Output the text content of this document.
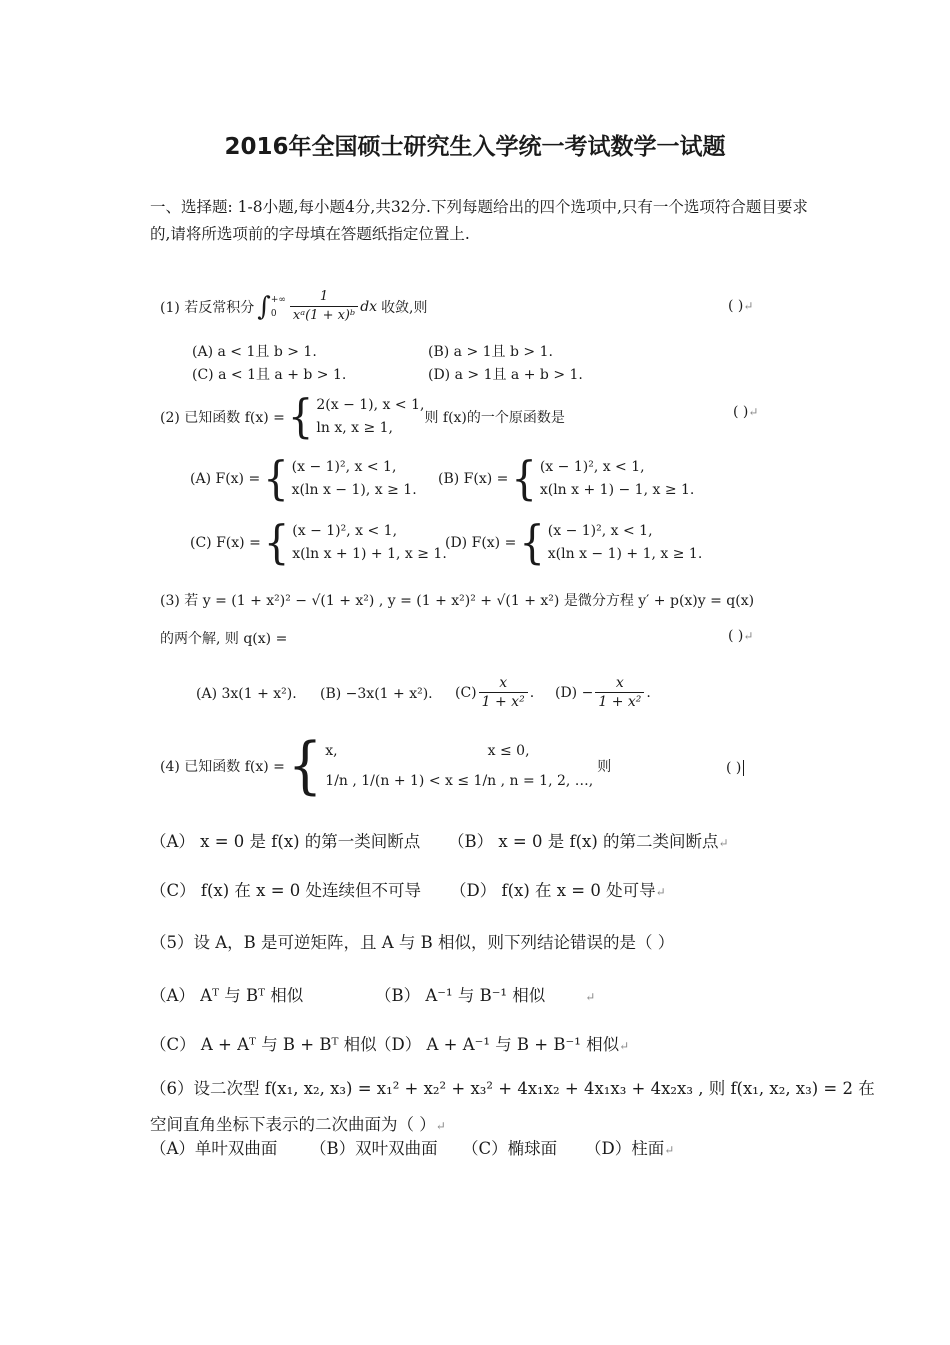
2016年全国硕士研究生入学统一考试数学一试题
一、选择题: 1-8小题,每小题4分,共32分.下列每题给出的四个选项中,只有一个选项符合题目要求的,请将所选项前的字母填在答题纸指定位置上.
(1) 若反常积分 ∫ +∞
0	$\frac{1}{\text{xᵃ(1 + x)ᵇ}}$ dx 收敛,则	( )↵
(A) a < 1且 b > 1.	(B) a > 1且 b > 1.
(C) a < 1且 a + b > 1.	(D) a > 1且 a + b > 1.
(2) 已知函数 f(x) = { 2(x − 1), x < 1,
ln x, x ≥ 1,
则 f(x)的一个原函数是	( )↵
(A) F(x) = { (x − 1)², x < 1,
x(ln x − 1), x ≥ 1.
(B) F(x) = { (x − 1)², x < 1,
x(ln x + 1) − 1, x ≥ 1.
(C) F(x) = { (x − 1)², x < 1,
x(ln x + 1) + 1, x ≥ 1.
(D) F(x) = { (x − 1)², x < 1,
x(ln x − 1) + 1, x ≥ 1.
(3) 若 y = (1 + x²)² − √(1 + x²) , y = (1 + x²)² + √(1 + x²) 是微分方程 y′ + p(x)y = q(x)
的两个解, 则 q(x) =	( )↵
(A) 3x(1 + x²). (B) −3x(1 + x²). $(C) \frac{x}{\text{1 + x²}}$ . $(D) - \frac{x}{\text{1 + x²}}$ .
(4) 已知函数 f(x) = { x,	x ≤ 0,
1/n , 1/(n + 1) < x ≤ 1/n , n = 1, 2, …,
则	( )
（A） x = 0 是 f(x) 的第一类间断点 （B） x = 0 是 f(x) 的第二类间断点↵
（C） f(x) 在 x = 0 处连续但不可导 （D） f(x) 在 x = 0 处可导↵
（5）设 A，B 是可逆矩阵，且 A 与 B 相似，则下列结论错误的是（ ）
（A） Aᵀ 与 Bᵀ 相似	（B） A⁻¹ 与 B⁻¹ 相似	↵
（C） A + Aᵀ 与 B + Bᵀ 相似
（D） A + A⁻¹ 与 B + B⁻¹ 相似↵
（6）设二次型 f(x₁, x₂, x₃) = x₁² + x₂² + x₃² + 4x₁x₂ + 4x₁x₃ + 4x₂x₃ , 则 f(x₁, x₂, x₃) = 2 在
空间直角坐标下表示的二次曲面为（ ）↵
（A）单叶双曲面 （B）双叶双曲面 （C）椭球面 （D）柱面↵
